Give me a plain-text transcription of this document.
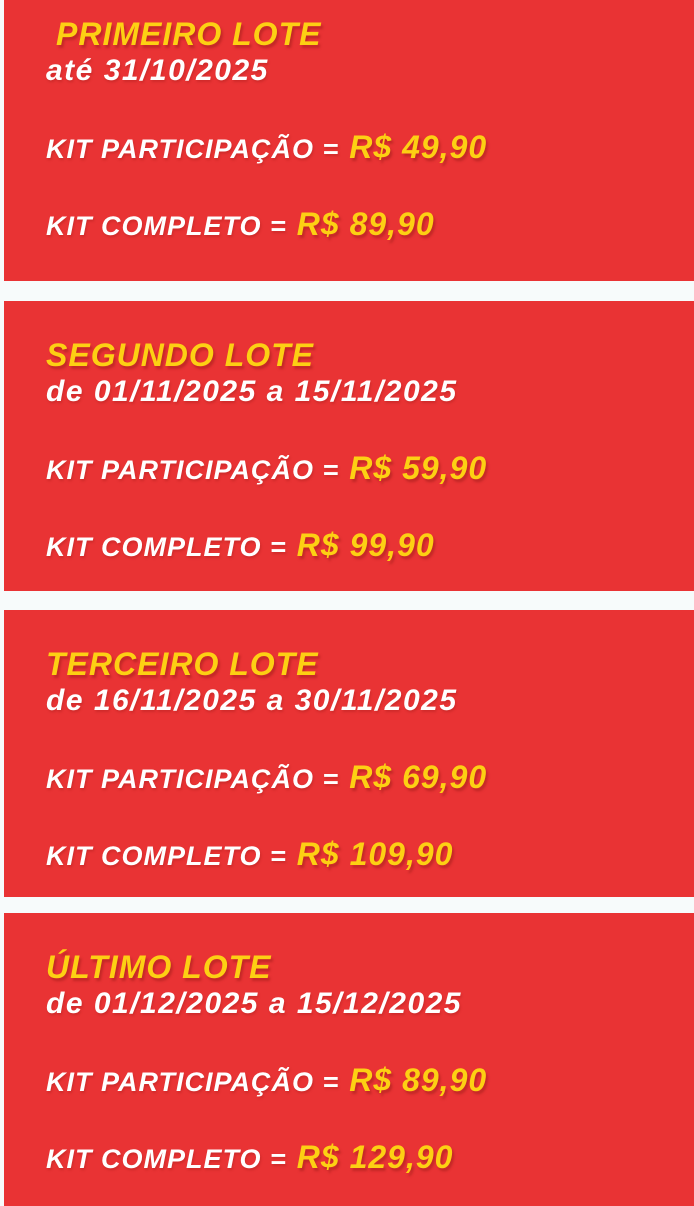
PRIMEIRO LOTE

até 31/10/2025

KIT PARTICIPAÇÃO = R$ 49,90

KIT COMPLETO = R$ 89,90

SEGUNDO LOTE

de 01/11/2025 a 15/11/2025

KIT PARTICIPAÇÃO = R$ 59,90

KIT COMPLETO = R$ 99,90

TERCEIRO LOTE

de 16/11/2025 a 30/11/2025

KIT PARTICIPAÇÃO = R$ 69,90

KIT COMPLETO = R$ 109,90

ÚLTIMO LOTE

de 01/12/2025 a 15/12/2025

KIT PARTICIPAÇÃO = R$ 89,90

KIT COMPLETO = R$ 129,90
